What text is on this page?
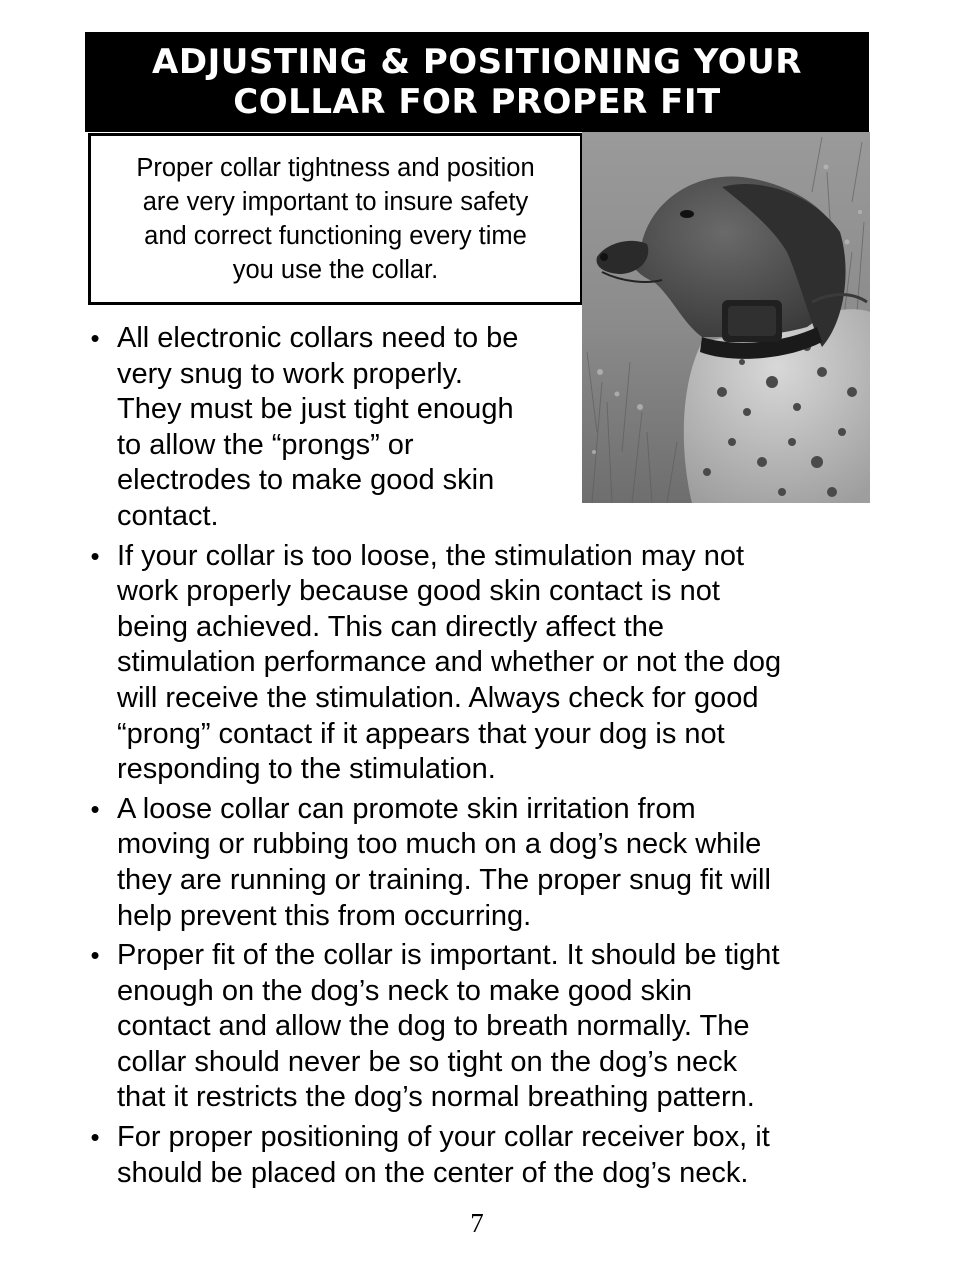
ADJUSTING & POSITIONING YOUR
COLLAR FOR PROPER FIT
Proper collar tightness and position
are very important to insure safety
and correct functioning every time
you use the collar.
• All electronic collars need to be
very snug to work properly.
They must be just tight enough
to allow the “prongs” or
electrodes to make good skin
contact.
• If your collar is too loose, the stimulation may not
work properly because good skin contact is not
being achieved. This can directly affect the
stimulation performance and whether or not the dog
will receive the stimulation. Always check for good
“prong” contact if it appears that your dog is not
responding to the stimulation.
• A loose collar can promote skin irritation from
moving or rubbing too much on a dog’s neck while
they are running or training. The proper snug fit will
help prevent this from occurring.
• Proper fit of the collar is important. It should be tight
enough on the dog’s neck to make good skin
contact and allow the dog to breath normally. The
collar should never be so tight on the dog’s neck
that it restricts the dog’s normal breathing pattern.
• For proper positioning of your collar receiver box, it
should be placed on the center of the dog’s neck.
7
